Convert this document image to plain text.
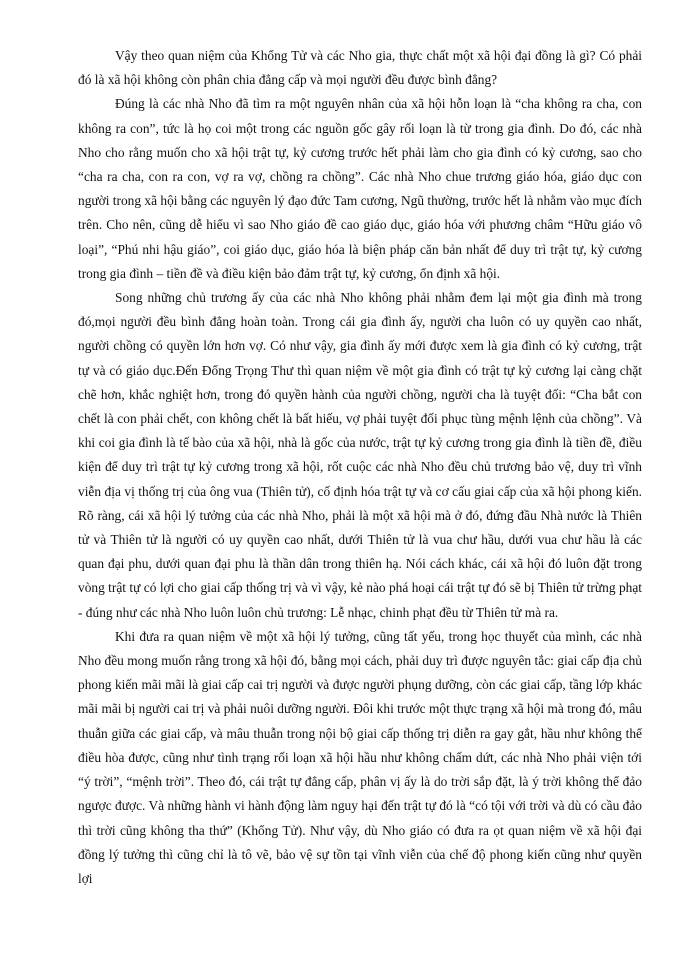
Vậy theo quan niệm của Khổng Tử và các Nho gia, thực chất một xã hội đại đồng là gì? Có phải đó là xã hội không còn phân chia đẳng cấp và mọi người đều được bình đẳng?

Đúng là các nhà Nho đã tìm ra một nguyên nhân của xã hội hỗn loạn là “cha không ra cha, con không ra con”, tức là họ coi một trong các nguồn gốc gây rối loạn là từ trong gia đình. Do đó, các nhà Nho cho rằng muốn cho xã hội trật tự, kỷ cương trước hết phải làm cho gia đình có kỷ cương, sao cho “cha ra cha, con ra con, vợ ra vợ, chồng ra chồng”. Các nhà Nho chue trương giáo hóa, giáo dục con người trong xã hội bằng các nguyên lý đạo đức Tam cương, Ngũ thường, trước hết là nhằm vào mục đích trên. Cho nên, cũng dễ hiểu vì sao Nho giáo đề cao giáo dục, giáo hóa với phương châm “Hữu giáo vô loại”, “Phú nhi hậu giáo”, coi giáo dục, giáo hóa là biện pháp căn bản nhất để duy trì trật tự, kỷ cương trong gia đình – tiền đề và điều kiện bảo đảm trật tự, kỷ cương, ổn định xã hội.

Song những chủ trương ấy của các nhà Nho không phải nhằm đem lại một gia đình mà trong đó,mọi người đều bình đẳng hoàn toàn. Trong cái gia đình ấy, người cha luôn có uy quyền cao nhất, người chồng có quyền lớn hơn vợ. Có như vậy, gia đình ấy mới được xem là gia đình có kỷ cương, trật tự và có giáo dục.Đến Đổng Trọng Thư thì quan niệm về một gia đình có trật tự kỷ cương lại càng chặt chẽ hơn, khắc nghiệt hơn, trong đó quyền hành của người chồng, người cha là tuyệt đối: “Cha bắt con chết là con phải chết, con không chết là bất hiếu, vợ phải tuyệt đối phục tùng mệnh lệnh của chồng”. Và khi coi gia đình là tế bào của xã hội, nhà là gốc của nước, trật tự kỷ cương trong gia đình là tiền đề, điều kiện để duy trì trật tự kỷ cương trong xã hội, rốt cuộc các nhà Nho đều chủ trương bảo vệ, duy trì vĩnh viễn địa vị thống trị của ông vua (Thiên tử), cố định hóa trật tự và cơ cấu giai cấp của xã hội phong kiến. Rõ ràng, cái xã hội lý tưởng của các nhà Nho, phải là một xã hội mà ở đó, đứng đầu Nhà nước là Thiên tử và Thiên tử là người có uy quyền cao nhất, dưới Thiên tử là vua chư hầu, dưới vua chư hầu là các quan đại phu, dưới quan đại phu là thần dân trong thiên hạ. Nói cách khác, cái xã hội đó luôn đặt trong vòng trật tự có lợi cho giai cấp thống trị và vì vậy, kẻ nào phá hoại cái trật tự đó sẽ bị Thiên tử trừng phạt - đúng như các nhà Nho luôn luôn chủ trương: Lễ nhạc, chinh phạt đều từ Thiên tử mà ra.

Khi đưa ra quan niệm về một xã hội lý tưởng, cũng tất yếu, trong học thuyết của mình, các nhà Nho đều mong muốn rằng trong xã hội đó, bằng mọi cách, phải duy trì được nguyên tắc: giai cấp địa chủ phong kiến mãi mãi là giai cấp cai trị người và được người phụng dưỡng, còn các giai cấp, tầng lớp khác mãi mãi bị người cai trị và phải nuôi dưỡng người. Đôi khi trước một thực trạng xã hội mà trong đó, mâu thuẫn giữa các giai cấp, và mâu thuẫn trong nội bộ giai cấp thống trị diễn ra gay gắt, hầu như không thể điều hòa được, cũng như tình trạng rối loạn xã hội hầu như không chấm dứt, các nhà Nho phải viện tới “ý trời”, “mệnh trời”. Theo đó, cái trật tự đẳng cấp, phân vị ấy là do trời sắp đặt, là ý trời không thể đảo ngược được. Và những hành vi hành động làm nguy hại đến trật tự đó là “có tội với trời và dù có cầu đảo thì trời cũng không tha thứ” (Khổng Tử). Như vậy, dù Nho giáo có đưa ra ọt quan niệm về xã hội đại đồng lý tưởng thì cũng chỉ là tô vẽ, bảo vệ sự tồn tại vĩnh viễn của chế độ phong kiến cũng như quyền lợi
